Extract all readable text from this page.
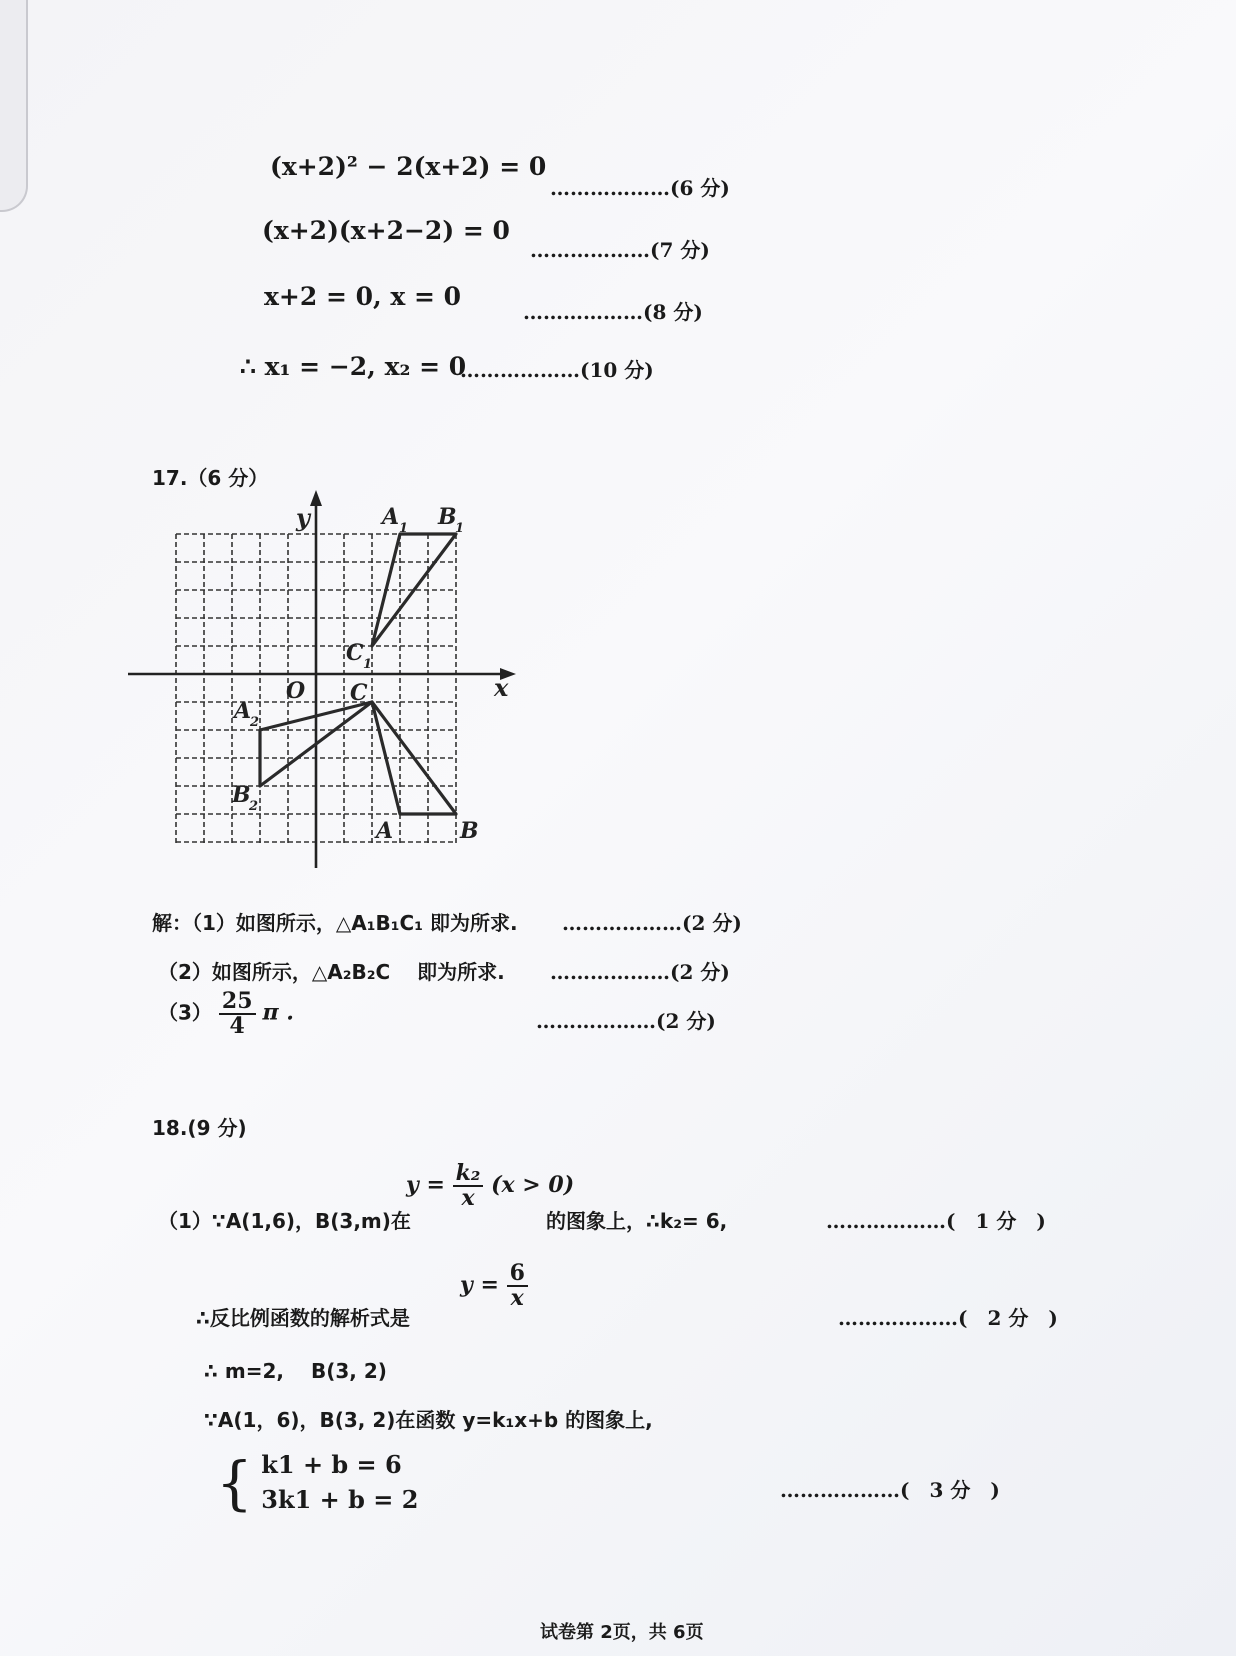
(x+2)² − 2(x+2) = 0
………………(6 分)
(x+2)(x+2−2) = 0
………………(7 分)
x+2 = 0, x = 0
………………(8 分)
∴ x₁ = −2, x₂ = 0
………………(10 分)
17.（6 分）
y
x
O
A 1 B
1
C 1
C
A
2
B
2
A	B
解：（1）如图所示，△A₁B₁C₁ 即为所求. ………………(2 分)
（2）如图所示，△A₂B₂C　 即为所求. ………………(2 分)
$(3) \frac{25}{4}$ π .	………………(2 分)
18.(9 分)
（1）∵A(1,6)，B(3,m)在
$y = \frac{\text{k₂}}{x} (x > 0)$
的图象上，∴k₂= 6,	………………(　1 分　)
∴反比例函数的解析式是
$y = \frac{6}{x}$
………………(　2 分　)
∴ m=2,　 B(3, 2)
∵A(1，6)，B(3, 2)在函数 y=k₁x+b 的图象上,
{ k1 + b = 6
3k1 + b = 2	………………(　3 分　)
试卷第 2页，共 6页
